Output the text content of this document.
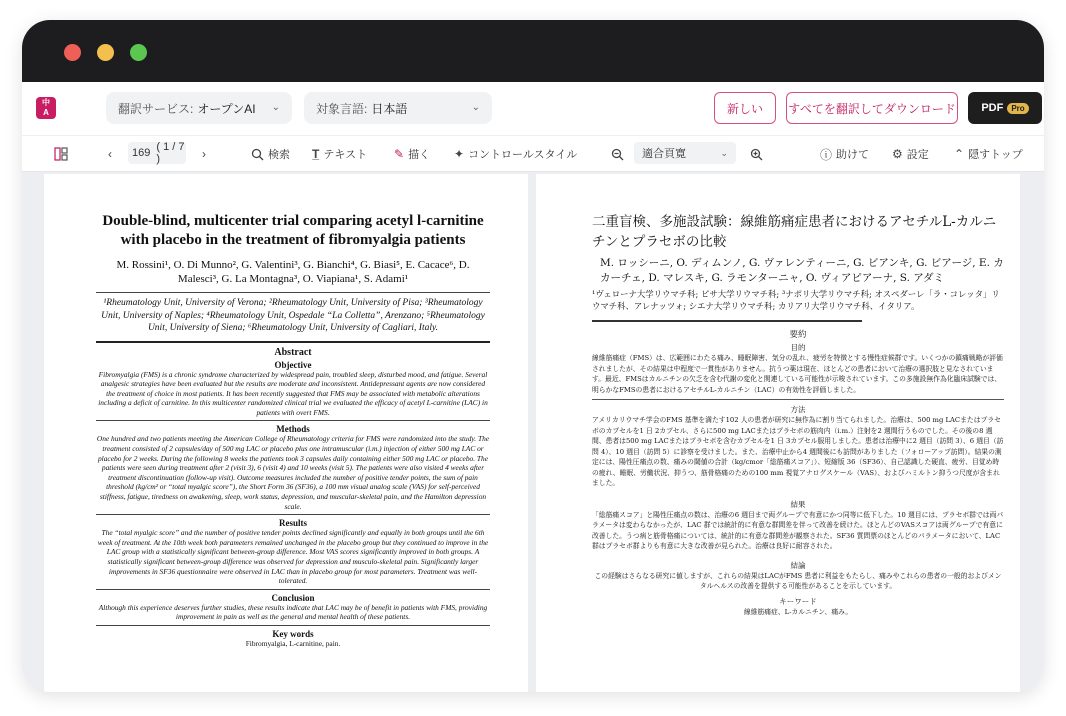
中
A	翻訳サービス: オープンAI ⌄	対象言語: 日本語	⌄	新しい	すべてを翻訳してダウンロード PDF	Pro
‹ 169 ( 1 / 7 )	›	検索 T̲ テキスト ✎ 描く ✦ コントロールスタイル	適合頁寛	⌄	ⓘ 助けて ⚙ 設定 ⌃ 隠すトップ
Double-blind, multicenter trial comparing acetyl l-carnitine with placebo in the treatment of fibromyalgia patients
M. Rossini¹, O. Di Munno², G. Valentini³, G. Bianchi⁴, G. Biasi⁵, E. Cacace⁶, D. Malesci³, G. La Montagna³, O. Viapiana¹, S. Adami¹
¹Rheumatology Unit, University of Verona; ²Rheumatology Unit, University of Pisa; ³Rheumatology Unit, University of Naples; ⁴Rheumatology Unit, Ospedale “La Colletta”, Arenzano; ⁵Rheumatology Unit, University of Siena; ⁶Rheumatology Unit, University of Cagliari, Italy.
Abstract
Objective
Fibromyalgia (FMS) is a chronic syndrome characterized by widespread pain, troubled sleep, disturbed mood, and fatigue. Several analgesic strategies have been evaluated but the results are moderate and inconsistent. Antidepressant agents are now considered the treatment of choice in most patients. It has been recently suggested that FMS may be associated with metabolic alterations including a deficit of carnitine. In this multicenter randomized clinical trial we evaluated the efficacy of acetyl L-carnitine (LAC) in patients with overt FMS.
Methods
One hundred and two patients meeting the American College of Rheumatology criteria for FMS were randomized into the study. The treatment consisted of 2 capsules/day of 500 mg LAC or placebo plus one intramuscular (i.m.) injection of either 500 mg LAC or placebo for 2 weeks. During the following 8 weeks the patients took 3 capsules daily containing either 500 mg LAC or placebo. The patients were seen during treatment after 2 (visit 3), 6 (visit 4) and 10 weeks (visit 5). The patients were also visited 4 weeks after treatment discontinuation (follow-up visit). Outcome measures included the number of positive tender points, the sum of pain threshold (kg/cm² or “total myalgic score”), the Short Form 36 (SF36), a 100 mm visual analog scale (VAS) for self-perceived stiffness, fatigue, tiredness on awakening, sleep, work status, depression, and muscular-skeletal pain, and the Hamilton depression scale.
Results
The “total myalgic score” and the number of positive tender points declined significantly and equally in both groups until the 6th week of treatment. At the 10th week both parameters remained unchanged in the placebo group but they continued to improve in the LAC group with a statistically significant between-group difference. Most VAS scores significantly improved in both groups. A statistically significant between-group difference was observed for depression and musculo-skeletal pain. Significantly larger improvements in SF36 questionnaire were observed in LAC than in placebo group for most parameters. Treatment was well-tolerated.
Conclusion
Although this experience deserves further studies, these results indicate that LAC may be of benefit in patients with FMS, providing improvement in pain as well as the general and mental health of these patients.
Key words
Fibromyalgia, L-carnitine, pain.
二重盲検、多施設試験：線維筋痛症患者におけるアセチルL-カルニチンとプラセボの比較
M. ロッシーニ, O. ディムンノ, G. ヴァレンティーニ, G. ビアンキ, G. ビアージ, E. カカーチェ, D. マレスキ, G. ラモンターニャ, O. ヴィアピアーナ, S. アダミ
¹ヴェローナ大学リウマチ科; ピサ大学リウマチ科; ³ナポリ大学リウマチ科; オスペダーレ「ラ・コレッタ」リウマチ科、アレナッツォ; シエナ大学リウマチ科; カリアリ大学リウマチ科、イタリア。
要約
目的
線維筋痛症（FMS）は、広範囲にわたる痛み、睡眠障害、気分の乱れ、疲労を特徴とする慢性症候群です。いくつかの鎮痛戦略が評価されましたが、その結果は中程度で一貫性がありません。抗うつ薬は現在、ほとんどの患者において治療の選択肢と見なされています。最近、FMSはカルニチンの欠乏を含む代謝の変化と関連している可能性が示唆されています。この多施設無作為化臨床試験では、明らかなFMSの患者におけるアセチルL-カルニチン（LAC）の有効性を評価しました。
方法
アメリカリウマチ学会のFMS 基準を満たす102 人の患者が研究に無作為に割り当てられました。治療は、500 mg LACまたはプラセボのカプセルを1 日 2カプセル、さらに500 mg LACまたはプラセボの筋肉内（i.m.）注射を2 週間行うものでした。その後の8 週間、患者は500 mg LACまたはプラセボを含むカプセルを1 日 3カプセル服用しました。患者は治療中に2 週目（訪問 3）、6 週目（訪問 4）、10 週目（訪問 5）に診察を受けました。また、治療中止から4 週間後にも訪問がありました（フォローアップ訪問）。結果の測定には、陽性圧痛点の数、痛みの閾値の合計（kg/cmor「総筋痛スコア」）、短縮版 36（SF36）、自己認識した硬直、疲労、目覚め時の疲れ、睡眠、労働状況、抑うつ、筋骨格痛のための100 mm 視覚アナログスケール（VAS）、およびハミルトン抑うつ尺度が含まれました。
結果
「総筋痛スコア」と陽性圧痛点の数は、治療の6 週目まで両グループで有意にかつ同等に低下した。10 週目には、プラセボ群では両パラメータは変わらなかったが、LAC 群では統計的に有意な群間差を伴って改善を続けた。ほとんどのVASスコアは両グループで有意に改善した。うつ病と筋骨格痛については、統計的に有意な群間差が観察された。SF36 質問票のほとんどのパラメータにおいて、LAC 群はプラセボ群よりも有意に大きな改善が見られた。治療は良好に耐容された。
結論
この経験はさらなる研究に値しますが、これらの結果はLACがFMS 患者に利益をもたらし、痛みやこれらの患者の一般的およびメンタルヘルスの改善を提供する可能性があることを示しています。
キーワード
線維筋痛症、L-カルニチン、痛み。
